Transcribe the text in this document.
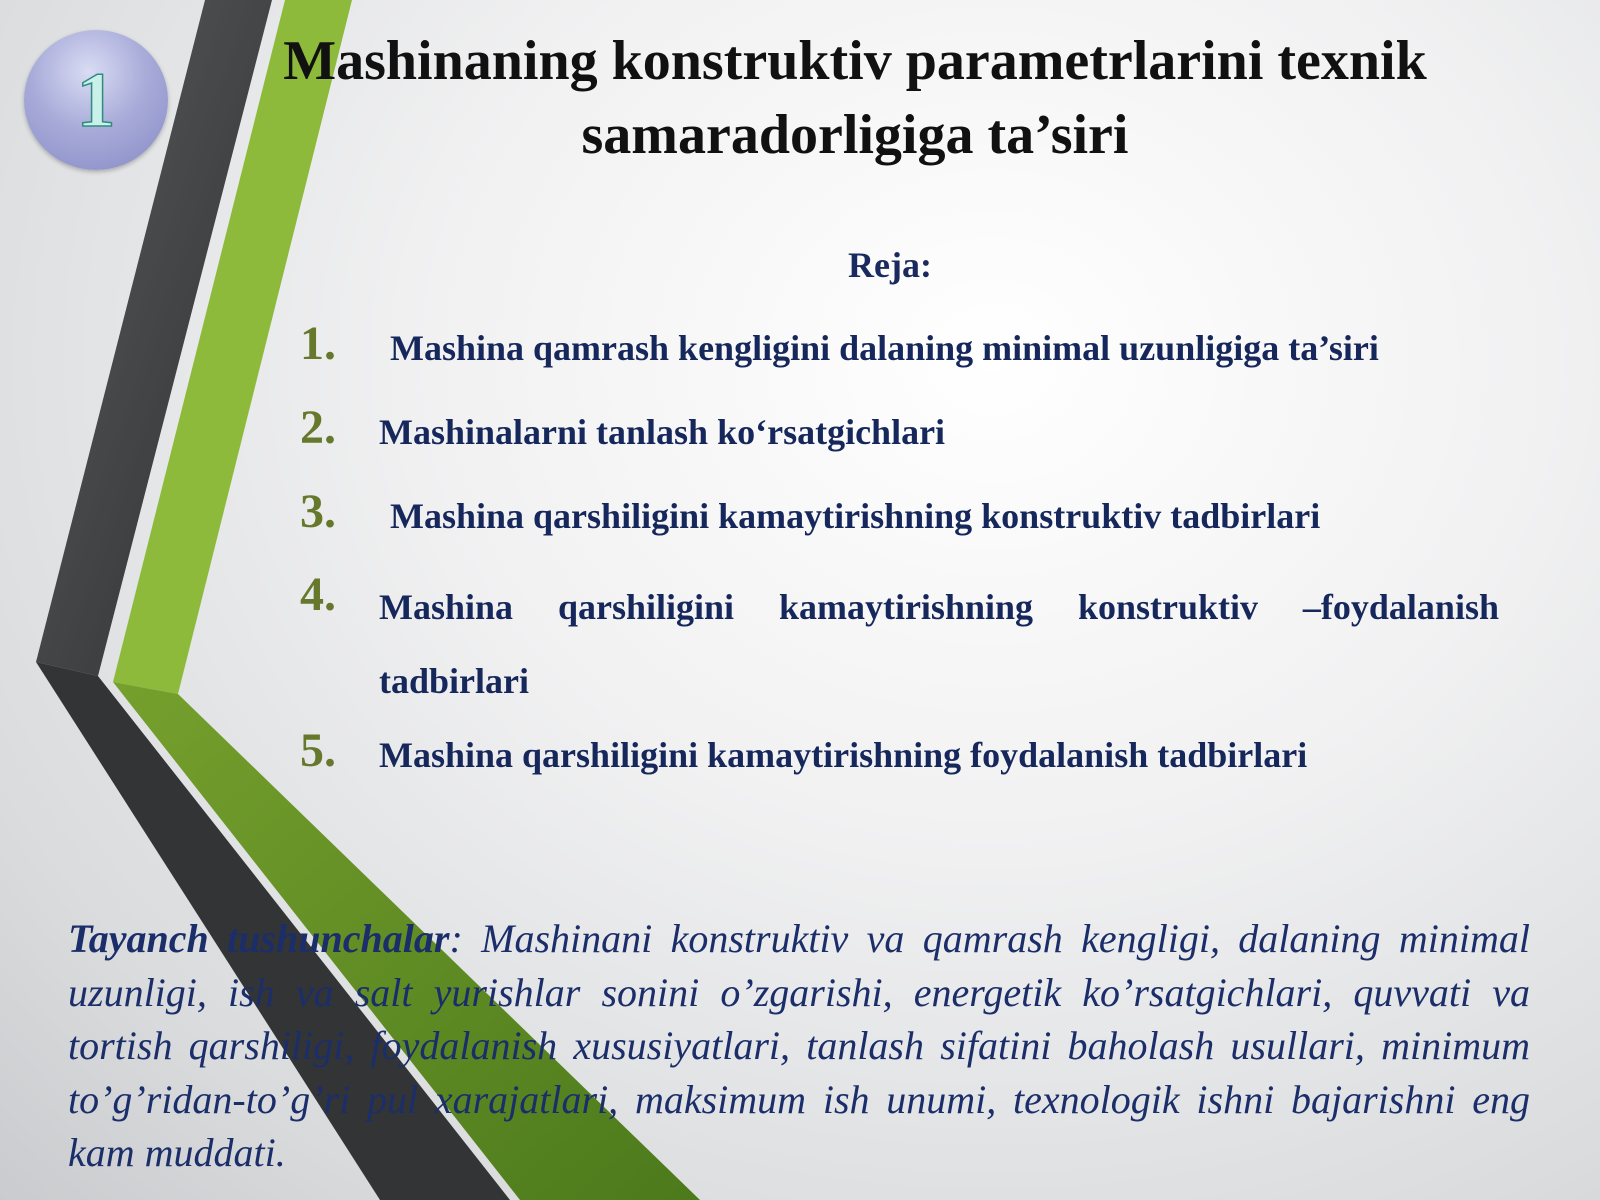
1	Mashinaning konstruktiv parametrlarini texnik
samaradorligiga ta’siri
Reja:
1. Mashina qamrash kengligini dalaning minimal uzunligiga ta’siri
2. Mashinalarni tanlash ko‘rsatgichlari
3. Mashina qarshiligini kamaytirishning konstruktiv tadbirlari
4. Mashina qarshiligini kamaytirishning konstruktiv –foydalanish tadbirlari
5. Mashina qarshiligini kamaytirishning foydalanish tadbirlari
Tayanch tushunchalar: Mashinani konstruktiv va qamrash kengligi, dalaning minimal uzunligi, ish va salt yurishlar sonini o’zgarishi, energetik ko’rsatgichlari, quvvati va tortish qarshiligi, foydalanish xususiyatlari, tanlash sifatini baholash usullari, minimum to’g’ridan-to’g’ri pul xarajatlari, maksimum ish unumi, texnologik ishni bajarishni eng kam muddati.
